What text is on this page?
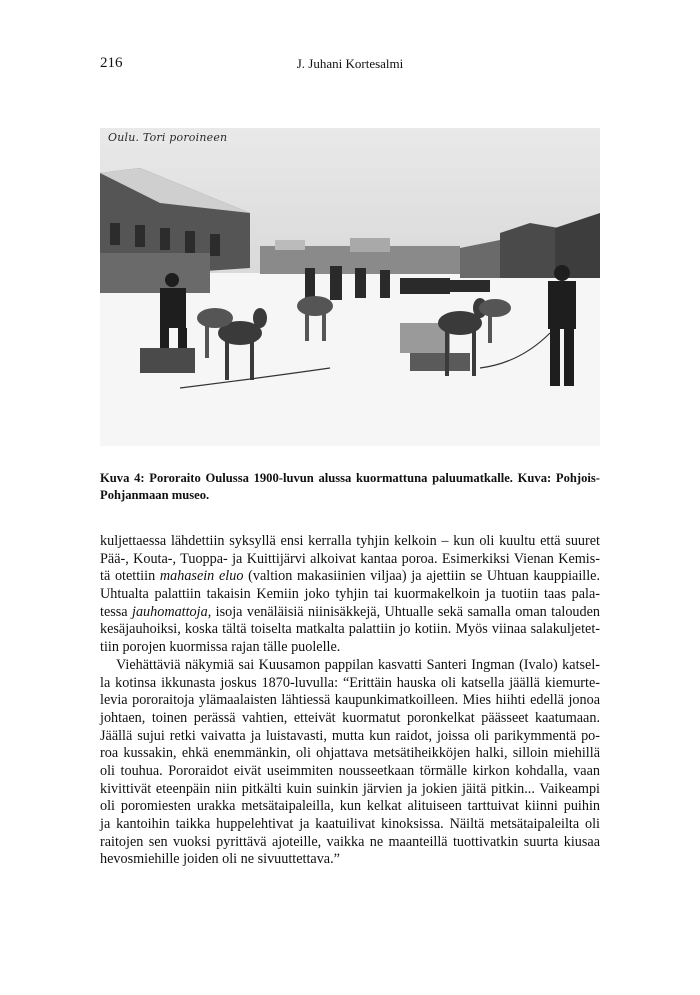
216	J. Juhani Kortesalmi
Oulu. Tori poroineen
Kuva 4: Pororaito Oulussa 1900-luvun alussa kuormattuna paluumatkalle. Kuva: Pohjois-Pohjanmaan museo.
kuljettaessa lähdettiin syksyllä ensi kerralla tyhjin kelkoin – kun oli kuultu että suuret
Pää-, Kouta-, Tuoppa- ja Kuittijärvi alkoivat kantaa poroa. Esimerkiksi Vienan Kemis-
tä otettiin mahasein eluo (valtion makasiinien viljaa) ja ajettiin se Uhtuan kauppiaille.
Uhtualta palattiin takaisin Kemiin joko tyhjin tai kuormakelkoin ja tuotiin taas pala-
tessa jauhomattoja, isoja venäläisiä niinisäkkejä, Uhtualle sekä samalla oman talouden
kesäjauhoiksi, koska tältä toiselta matkalta palattiin jo kotiin. Myös viinaa salakuljetet-
tiin porojen kuormissa rajan tälle puolelle.
Viehättäviä näkymiä sai Kuusamon pappilan kasvatti Santeri Ingman (Ivalo) katsel-
la kotinsa ikkunasta joskus 1870-luvulla: “Erittäin hauska oli katsella jäällä kiemurte-
levia pororaitoja ylämaalaisten lähtiessä kaupunkimatkoilleen. Mies hiihti edellä jonoa
johtaen, toinen perässä vahtien, etteivät kuormatut poronkelkat päässeet kaatumaan.
Jäällä sujui retki vaivatta ja luistavasti, mutta kun raidot, joissa oli parikymmentä po-
roa kussakin, ehkä enemmänkin, oli ohjattava metsätiheikköjen halki, silloin miehillä
oli touhua. Pororaidot eivät useimmiten nousseetkaan törmälle kirkon kohdalla, vaan
kivittivät eteenpäin niin pitkälti kuin suinkin järvien ja jokien jäitä pitkin... Vaikeampi
oli poromiesten urakka metsätaipaleilla, kun kelkat alituiseen tarttuivat kiinni puihin
ja kantoihin taikka huppelehtivat ja kaatuilivat kinoksissa. Näiltä metsätaipaleilta oli
raitojen sen vuoksi pyrittävä ajoteille, vaikka ne maanteillä tuottivatkin suurta kiusaa
hevosmiehille joiden oli ne sivuuttettava.”
